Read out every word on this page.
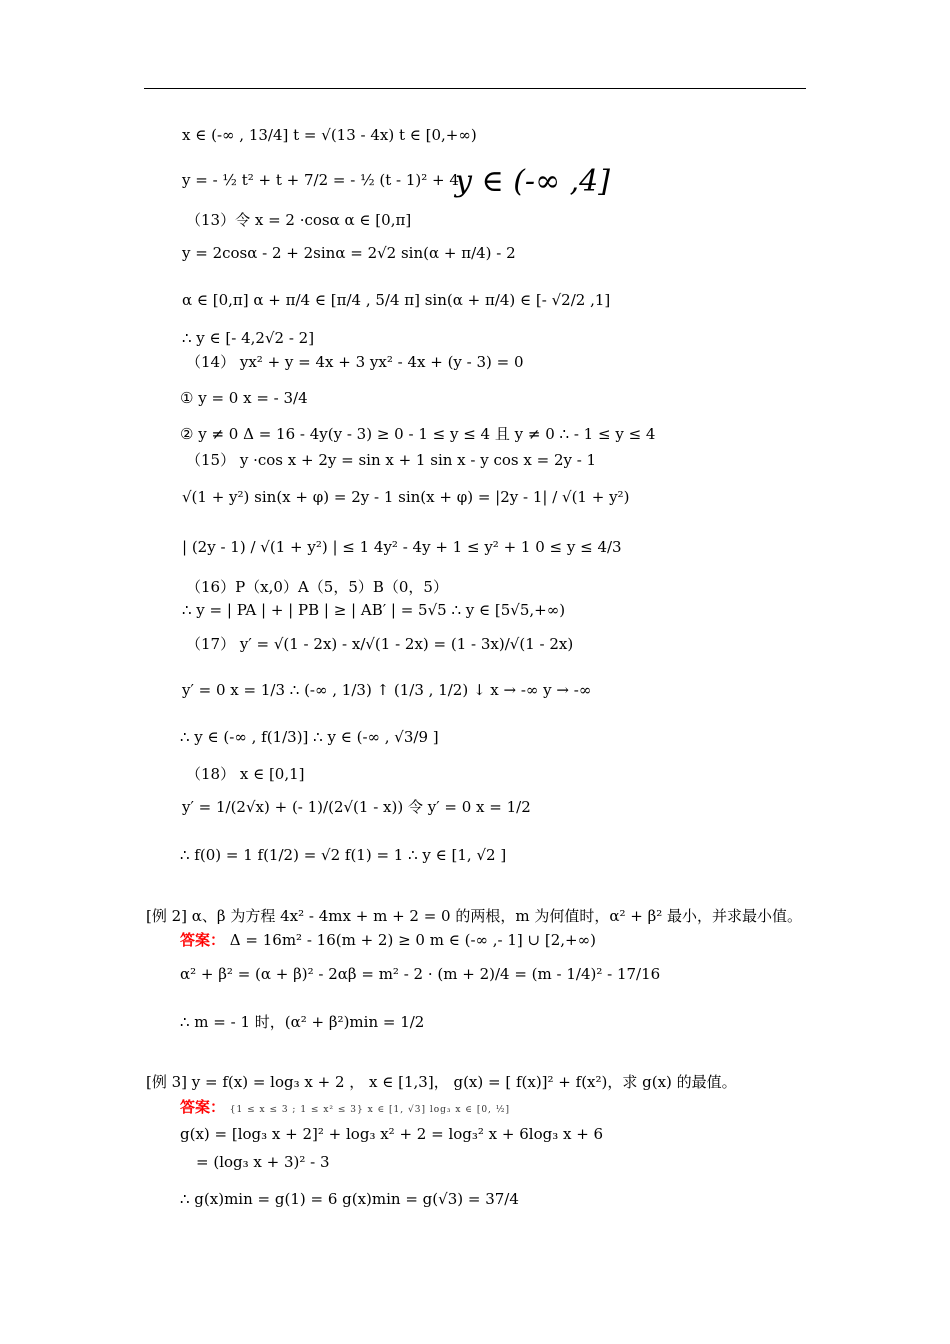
x ∈ (-∞ , 13/4] t = √(13 - 4x) t ∈ [0,+∞)
y = - ½ t² + t + 7/2 = - ½ (t - 1)² + 4
y ∈ (-∞ ,4]
（13）令 x = 2 ·cosα α ∈ [0,π]
y = 2cosα - 2 + 2sinα = 2√2 sin(α + π/4) - 2
α ∈ [0,π] α + π/4 ∈ [π/4 , 5/4 π] sin(α + π/4) ∈ [- √2/2 ,1]
∴ y ∈ [- 4,2√2 - 2]
（14） yx² + y = 4x + 3 yx² - 4x + (y - 3) = 0
① y = 0 x = - 3/4
② y ≠ 0 Δ = 16 - 4y(y - 3) ≥ 0 - 1 ≤ y ≤ 4 且 y ≠ 0 ∴ - 1 ≤ y ≤ 4
（15） y ·cos x + 2y = sin x + 1 sin x - y cos x = 2y - 1
√(1 + y²) sin(x + φ) = 2y - 1 sin(x + φ) = |2y - 1| / √(1 + y²)
| (2y - 1) / √(1 + y²) | ≤ 1 4y² - 4y + 1 ≤ y² + 1 0 ≤ y ≤ 4/3
（16）P（x,0）A（5，5）B（0，5）
∴ y = | PA | + | PB | ≥ | AB′ | = 5√5 ∴ y ∈ [5√5,+∞)
（17） y′ = √(1 - 2x) - x/√(1 - 2x) = (1 - 3x)/√(1 - 2x)
y′ = 0 x = 1/3 ∴ (-∞ , 1/3) ↑ (1/3 , 1/2) ↓ x → -∞ y → -∞
∴ y ∈ (-∞ , f(1/3)] ∴ y ∈ (-∞ , √3/9 ]
（18） x ∈ [0,1]
y′ = 1/(2√x) + (- 1)/(2√(1 - x)) 令 y′ = 0 x = 1/2
∴ f(0) = 1 f(1/2) = √2 f(1) = 1 ∴ y ∈ [1, √2 ]
[例 2] α、β 为方程 4x² - 4mx + m + 2 = 0 的两根，m 为何值时，α² + β² 最小，并求最小值。
答案： Δ = 16m² - 16(m + 2) ≥ 0 m ∈ (-∞ ,- 1] ∪ [2,+∞)
α² + β² = (α + β)² - 2αβ = m² - 2 · (m + 2)/4 = (m - 1/4)² - 17/16
∴ m = - 1 时，(α² + β²)min = 1/2
[例 3] y = f(x) = log₃ x + 2 ， x ∈ [1,3]， g(x) = [ f(x)]² + f(x²)，求 g(x) 的最值。
答案： {1 ≤ x ≤ 3 ; 1 ≤ x² ≤ 3} x ∈ [1, √3] log₃ x ∈ [0, ½]
g(x) = [log₃ x + 2]² + log₃ x² + 2 = log₃² x + 6log₃ x + 6
= (log₃ x + 3)² - 3
∴ g(x)min = g(1) = 6 g(x)min = g(√3) = 37/4
